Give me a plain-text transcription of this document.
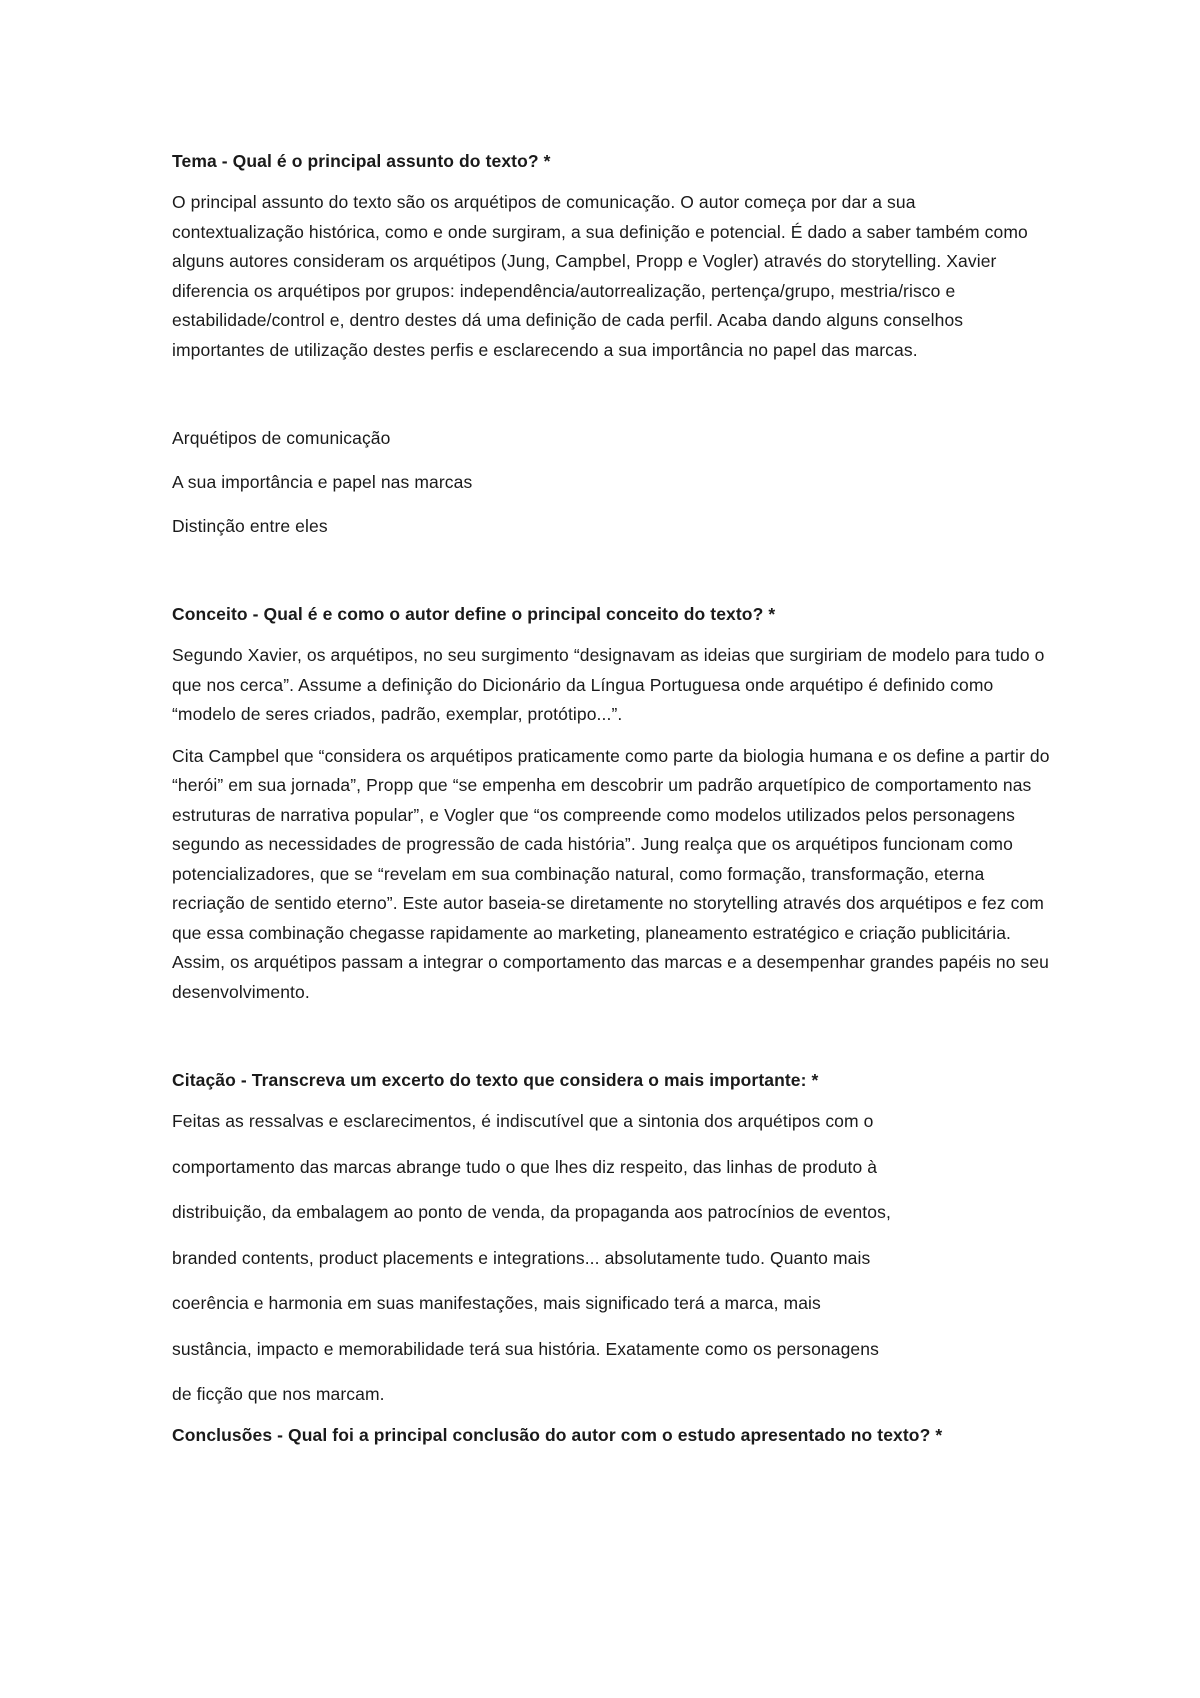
Tema - Qual é o principal assunto do texto? *

O principal assunto do texto são os arquétipos de comunicação. O autor começa por dar a sua contextualização histórica, como e onde surgiram, a sua definição e potencial. É dado a saber também como alguns autores consideram os arquétipos (Jung, Campbel, Propp e Vogler) através do storytelling. Xavier diferencia os arquétipos por grupos: independência/autorrealização, pertença/grupo, mestria/risco e estabilidade/control e, dentro destes dá uma definição de cada perfil. Acaba dando alguns conselhos importantes de utilização destes perfis e esclarecendo a sua importância no papel das marcas.

Arquétipos de comunicação

A sua importância e papel nas marcas

Distinção entre eles

Conceito - Qual é e como o autor define o principal conceito do texto? *

Segundo Xavier, os arquétipos, no seu surgimento “designavam as ideias que surgiriam de modelo para tudo o que nos cerca”. Assume a definição do Dicionário da Língua Portuguesa onde arquétipo é definido como “modelo de seres criados, padrão, exemplar, protótipo...”.

Cita Campbel que “considera os arquétipos praticamente como parte da biologia humana e os define a partir do “herói” em sua jornada”, Propp que “se empenha em descobrir um padrão arquetípico de comportamento nas estruturas de narrativa popular”, e Vogler que “os compreende como modelos utilizados pelos personagens segundo as necessidades de progressão de cada história”. Jung realça que os arquétipos funcionam como potencializadores, que se “revelam em sua combinação natural, como formação, transformação, eterna recriação de sentido eterno”. Este autor baseia-se diretamente no storytelling através dos arquétipos e fez com que essa combinação chegasse rapidamente ao marketing, planeamento estratégico e criação publicitária. Assim, os arquétipos passam a integrar o comportamento das marcas e a desempenhar grandes papéis no seu desenvolvimento.

Citação - Transcreva um excerto do texto que considera o mais importante: *

Feitas as ressalvas e esclarecimentos, é indiscutível que a sintonia dos arquétipos com o

comportamento das marcas abrange tudo o que lhes diz respeito, das linhas de produto à

distribuição, da embalagem ao ponto de venda, da propaganda aos patrocínios de eventos,

branded contents, product placements e integrations... absolutamente tudo. Quanto mais

coerência e harmonia em suas manifestações, mais significado terá a marca, mais

sustância, impacto e memorabilidade terá sua história. Exatamente como os personagens

de ficção que nos marcam.

Conclusões - Qual foi a principal conclusão do autor com o estudo apresentado no texto? *
